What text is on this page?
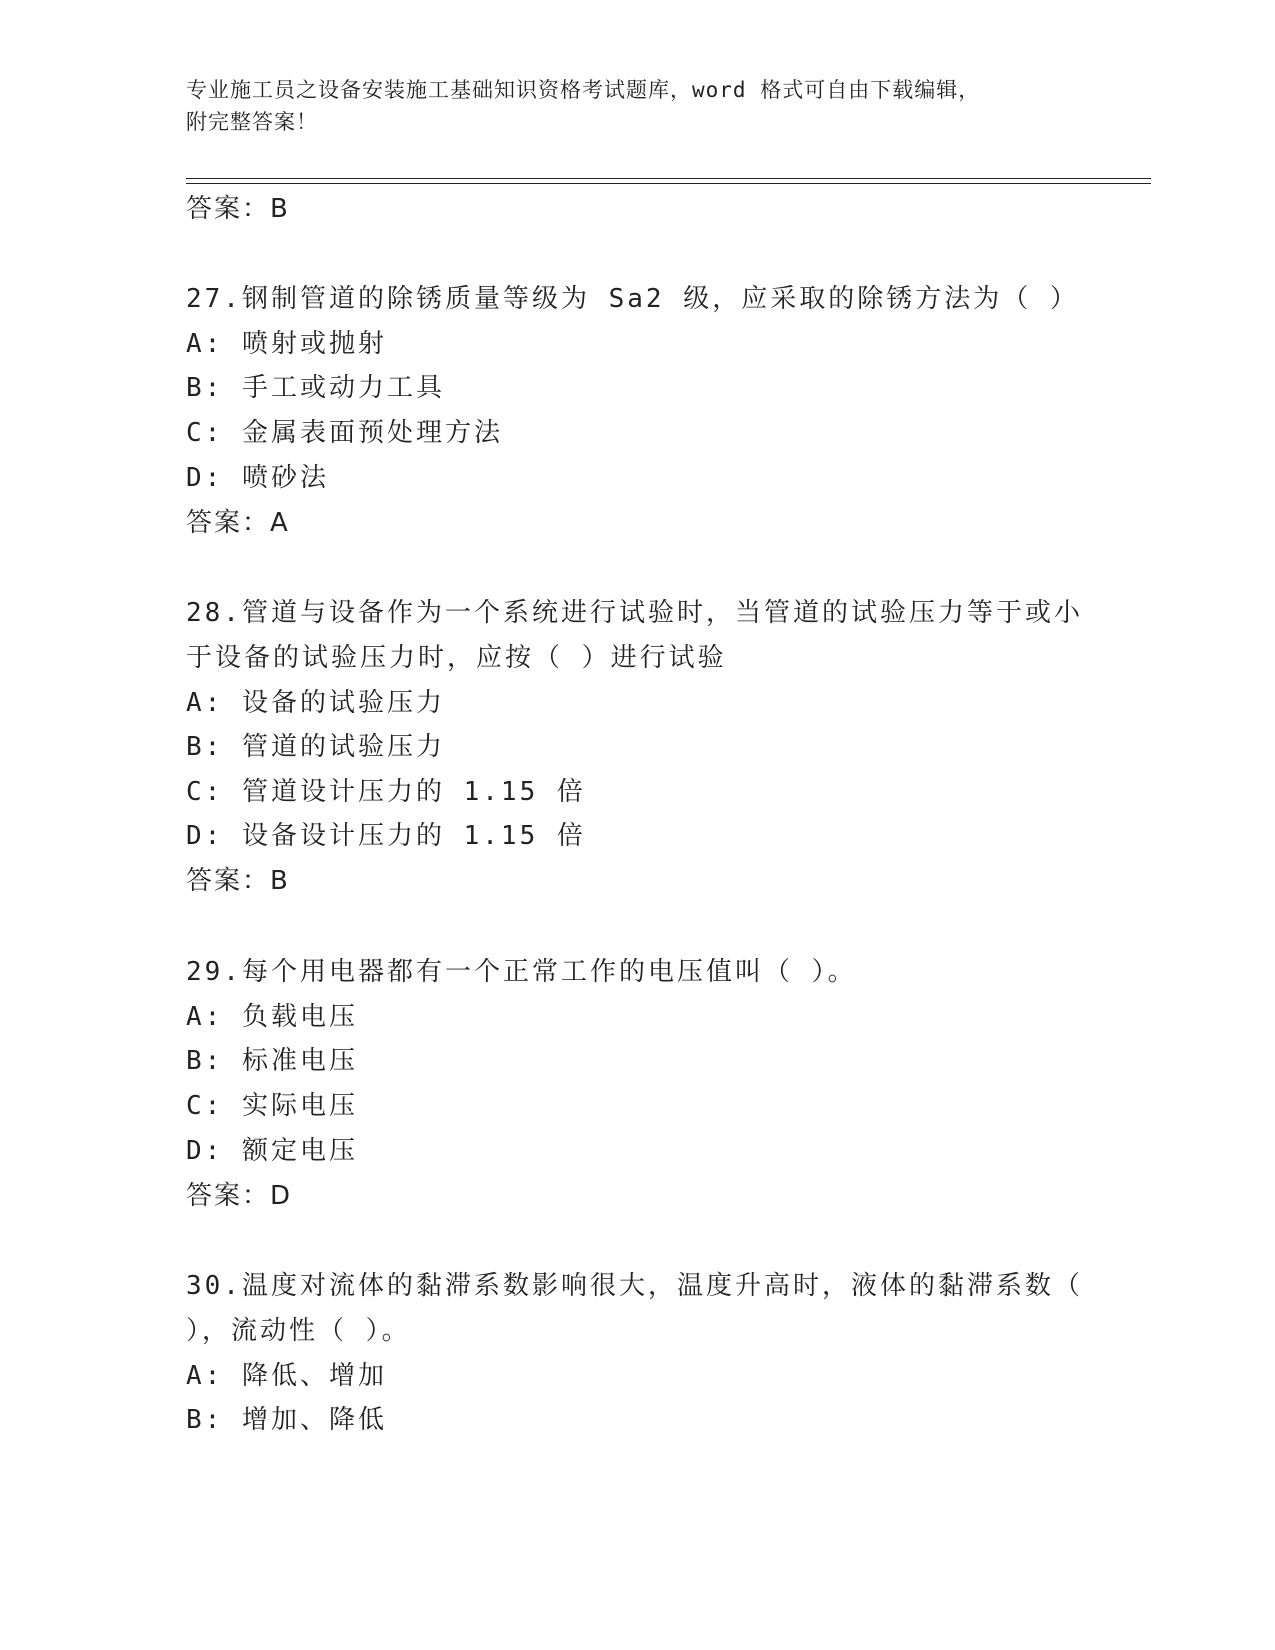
专业施工员之设备安装施工基础知识资格考试题库，word 格式可自由下载编辑，
附完整答案！
答案：B
27.钢制管道的除锈质量等级为 Sa2 级，应采取的除锈方法为（ ）
A: 喷射或抛射
B: 手工或动力工具
C: 金属表面预处理方法
D: 喷砂法
答案：A
28.管道与设备作为一个系统进行试验时，当管道的试验压力等于或小
于设备的试验压力时，应按（ ）进行试验
A: 设备的试验压力
B: 管道的试验压力
C: 管道设计压力的 1.15 倍
D: 设备设计压力的 1.15 倍
答案：B
29.每个用电器都有一个正常工作的电压值叫（ ）。
A: 负载电压
B: 标准电压
C: 实际电压
D: 额定电压
答案：D
30.温度对流体的黏滞系数影响很大，温度升高时，液体的黏滞系数（
），流动性（ ）。
A: 降低、增加
B: 增加、降低
